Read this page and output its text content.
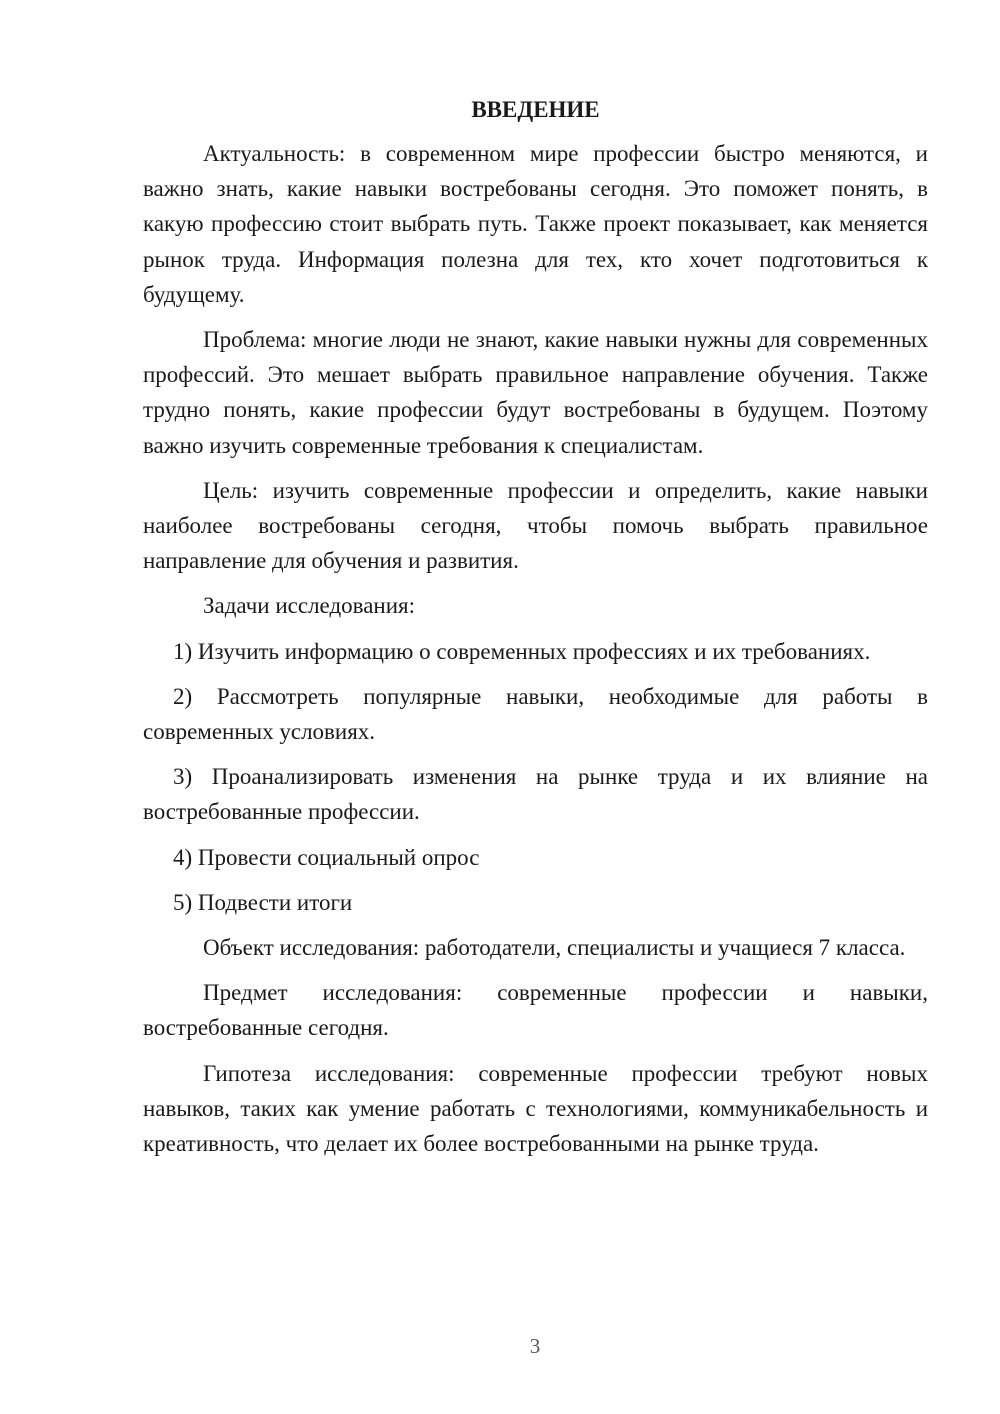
ВВЕДЕНИЕ
Актуальность: в современном мире профессии быстро меняются, и важно знать, какие навыки востребованы сегодня. Это поможет понять, в какую профессию стоит выбрать путь. Также проект показывает, как меняется рынок труда. Информация полезна для тех, кто хочет подготовиться к будущему.
Проблема: многие люди не знают, какие навыки нужны для современных профессий. Это мешает выбрать правильное направление обучения. Также трудно понять, какие профессии будут востребованы в будущем. Поэтому важно изучить современные требования к специалистам.
Цель: изучить современные профессии и определить, какие навыки наиболее востребованы сегодня, чтобы помочь выбрать правильное направление для обучения и развития.
Задачи исследования:
1) Изучить информацию о современных профессиях и их требованиях.
2) Рассмотреть популярные навыки, необходимые для работы в современных условиях.
3) Проанализировать изменения на рынке труда и их влияние на востребованные профессии.
4) Провести социальный опрос
5) Подвести итоги
Объект исследования: работодатели, специалисты и учащиеся 7 класса.
Предмет исследования: современные профессии и навыки, востребованные сегодня.
Гипотеза исследования: современные профессии требуют новых навыков, таких как умение работать с технологиями, коммуникабельность и креативность, что делает их более востребованными на рынке труда.
3
